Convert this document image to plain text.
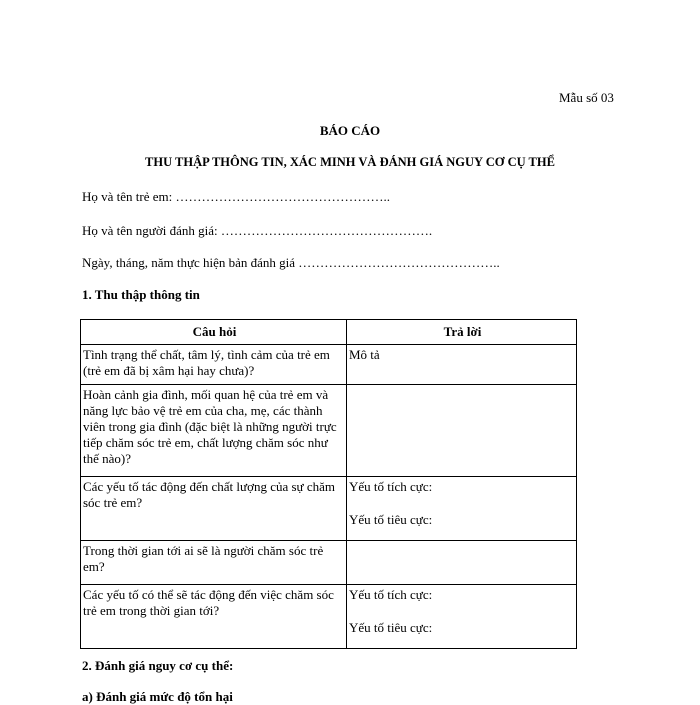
Mẫu số 03
BÁO CÁO
THU THẬP THÔNG TIN, XÁC MINH VÀ ĐÁNH GIÁ NGUY CƠ CỤ THỂ
Họ và tên trẻ em: …………………………………………..
Họ và tên người đánh giá: ………………………………………….
Ngày, tháng, năm thực hiện bản đánh giá ………………………………………..
1. Thu thập thông tin
Câu hỏi	Trả lời
Tình trạng thể chất, tâm lý, tình cảm của trẻ em (trẻ em đã bị xâm hại hay chưa)?	Mô tả

Hoàn cảnh gia đình, mối quan hệ của trẻ em và năng lực bảo vệ trẻ em của cha, mẹ, các thành viên trong gia đình (đặc biệt là những người trực tiếp chăm sóc trẻ em, chất lượng chăm sóc như thế nào)?	
Các yếu tố tác động đến chất lượng của sự chăm sóc trẻ em?	Yếu tố tích cực:
Yếu tố tiêu cực:

Trong thời gian tới ai sẽ là người chăm sóc trẻ em?	
Các yếu tố có thể sẽ tác động đến việc chăm sóc trẻ em trong thời gian tới?	Yếu tố tích cực:
Yếu tố tiêu cực:
2. Đánh giá nguy cơ cụ thể:
a) Đánh giá mức độ tổn hại
